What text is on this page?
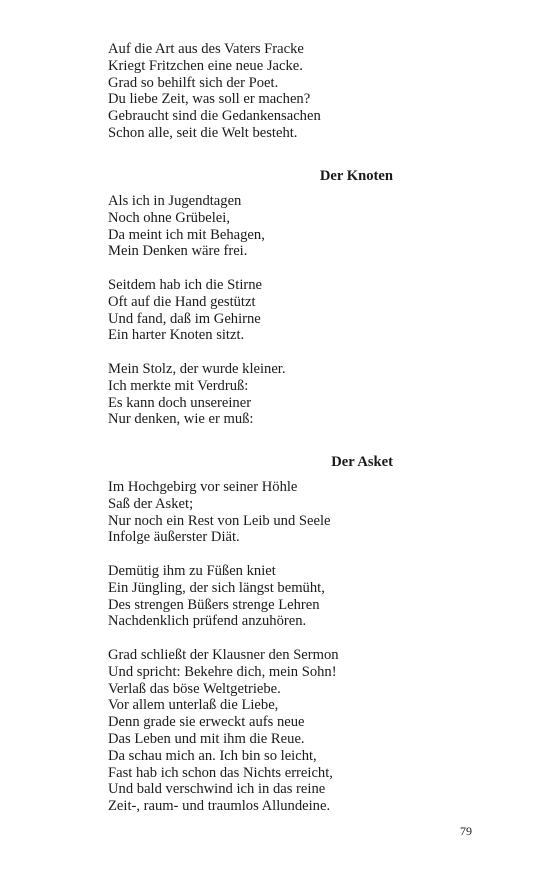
Auf die Art aus des Vaters Fracke
Kriegt Fritzchen eine neue Jacke.
Grad so behilft sich der Poet.
Du liebe Zeit, was soll er machen?
Gebraucht sind die Gedankensachen
Schon alle, seit die Welt besteht.
Der Knoten
Als ich in Jugendtagen
Noch ohne Grübelei,
Da meint ich mit Behagen,
Mein Denken wäre frei.
Seitdem hab ich die Stirne
Oft auf die Hand gestützt
Und fand, daß im Gehirne
Ein harter Knoten sitzt.
Mein Stolz, der wurde kleiner.
Ich merkte mit Verdruß:
Es kann doch unsereiner
Nur denken, wie er muß:
Der Asket
Im Hochgebirg vor seiner Höhle
Saß der Asket;
Nur noch ein Rest von Leib und Seele
Infolge äußerster Diät.
Demütig ihm zu Füßen kniet
Ein Jüngling, der sich längst bemüht,
Des strengen Büßers strenge Lehren
Nachdenklich prüfend anzuhören.
Grad schließt der Klausner den Sermon
Und spricht: Bekehre dich, mein Sohn!
Verlaß das böse Weltgetriebe.
Vor allem unterlaß die Liebe,
Denn grade sie erweckt aufs neue
Das Leben und mit ihm die Reue.
Da schau mich an. Ich bin so leicht,
Fast hab ich schon das Nichts erreicht,
Und bald verschwind ich in das reine
Zeit-, raum- und traumlos Allundeine.
79
